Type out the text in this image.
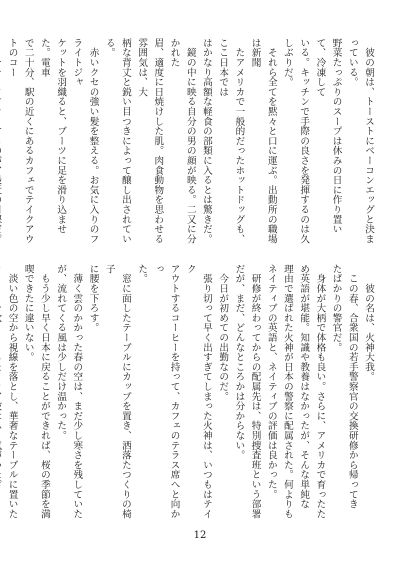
　彼の朝は、トーストにベーコンエッグと決まっている。
野菜たっぷりのスープは休みの日に作り置いて、冷凍して
いる。キッチンで手際の良さを発揮するのは久しぶりだ。
　それら全てを黙々と口に運ぶ。出動所の職場は新聞
　たアメリカで一般的だったホットドッグも、ここ日本では
はかなり高額な軽食の部類に入るとは驚きだ。
　鏡の中に映る自分の男の顔が映る。二又に分かれた
眉、適度に日焼けした肌。肉食動物を思わせる雰囲気は、大
柄な背丈と鋭い目つきによって醸し出されている。
　赤いクセの強い髪を整える。お気に入りのフライトジャ
ケットを羽織ると、ブーツに足を滑り込ませた。電車
で二十分、駅の近くにあるカフェでテイクアウトのコー

　　彼の名は、火神大我。
　この春、合衆国の若手警察官の交換研修から帰ってき
たばかりの警官だ。
　身体が大柄で体格も良い。さらに、アメリカで育ったた
め英語が堪能。知識や教養はなかったが、そんな単純な
理由で選ばれた火神が日本の警察に配属された。何よりも
ネイティブの英語と、ネイティブの評価は良かった。
　研修が終わってからの配属先は、特別捜査班という部署
だが、まだ、どんなところかは分からない。
　今日が初めての出勤なのだ。
　張り切って早く出すぎてしまった火神は、いつもはテイク
アウトするコーヒーを持って、カフェのテラス席へと向かっ
た。
　窓に面したテーブルにカップを置き、洒落たつくりの椅子
に腰を下ろす。
　薄く雲のかかった春の空は、まだ少し寒さを残していた
が、流れてくる風は少しだけ温かった。
　もう少し早く日本に戻ることができれば、桜の季節を満
喫できたに違いない。
　淡い色の空から視線を落とし、華奢なテーブルに置いた

12
